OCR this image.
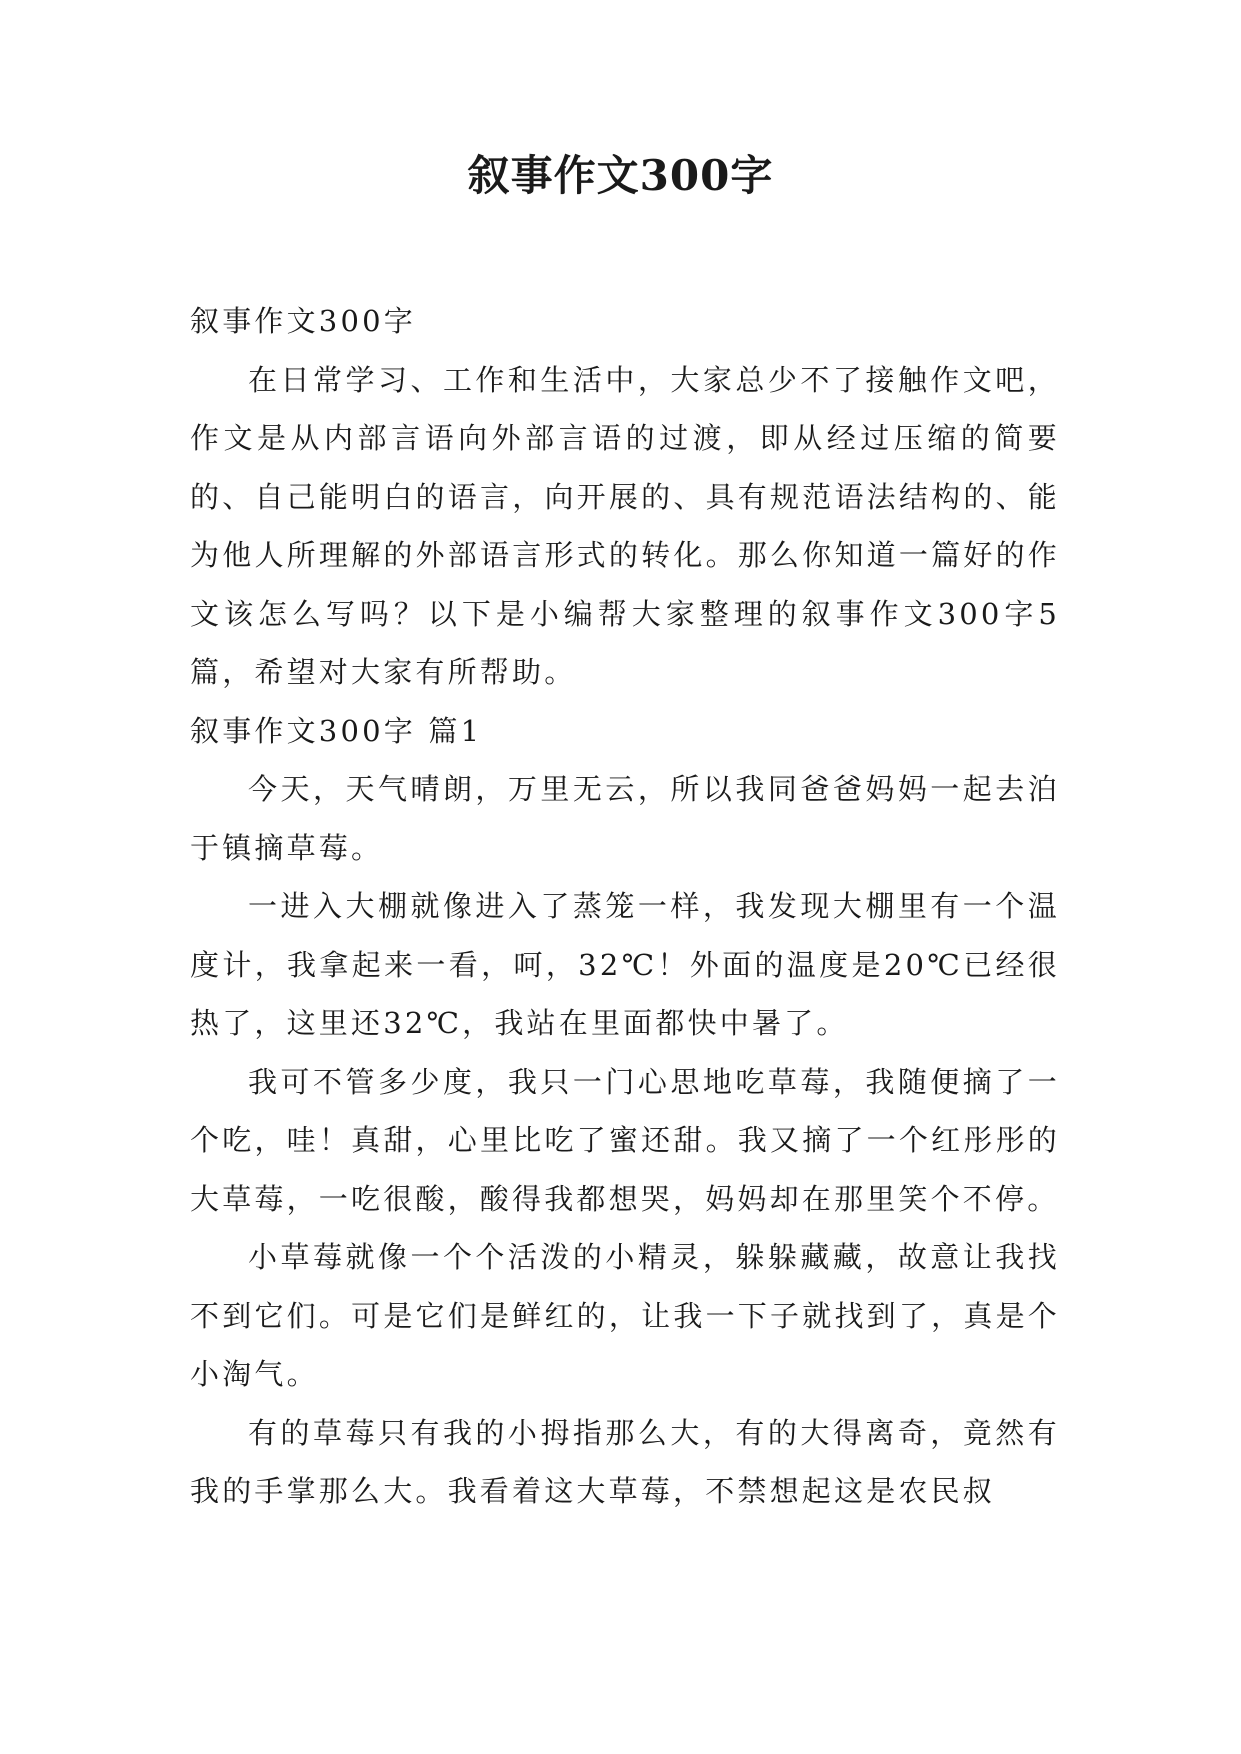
叙事作文300字

叙事作文300字

在日常学习、工作和生活中，大家总少不了接触作文吧，作文是从内部言语向外部言语的过渡，即从经过压缩的简要的、自己能明白的语言，向开展的、具有规范语法结构的、能为他人所理解的外部语言形式的转化。那么你知道一篇好的作文该怎么写吗？以下是小编帮大家整理的叙事作文300字5篇，希望对大家有所帮助。

叙事作文300字 篇1

今天，天气晴朗，万里无云，所以我同爸爸妈妈一起去泊于镇摘草莓。

一进入大棚就像进入了蒸笼一样，我发现大棚里有一个温度计，我拿起来一看，呵，32℃！外面的温度是20℃已经很热了，这里还32℃，我站在里面都快中暑了。

我可不管多少度，我只一门心思地吃草莓，我随便摘了一个吃，哇！真甜，心里比吃了蜜还甜。我又摘了一个红彤彤的大草莓，一吃很酸，酸得我都想哭，妈妈却在那里笑个不停。

小草莓就像一个个活泼的小精灵，躲躲藏藏，故意让我找不到它们。可是它们是鲜红的，让我一下子就找到了，真是个小淘气。

有的草莓只有我的小拇指那么大，有的大得离奇，竟然有我的手掌那么大。我看着这大草莓，不禁想起这是农民叔
